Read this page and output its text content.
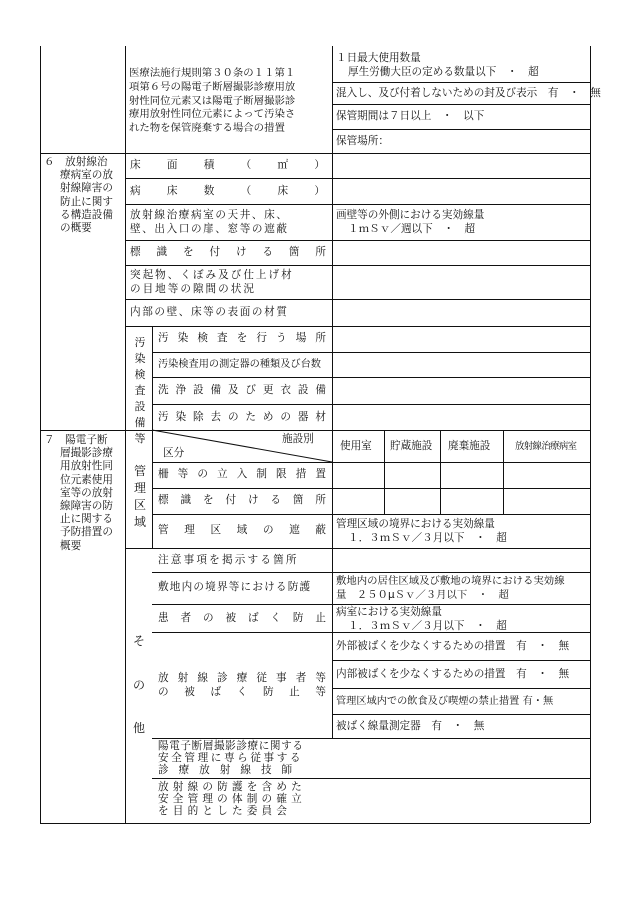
医療法施行規則第３０条の１１第１
項第６号の陽電子断層撮影診療用放
射性同位元素又は陽電子断層撮影診
療用放射性同位元素によって汚染さ
れた物を保管廃棄する場合の措置
１日最大使用数量
厚生労働大臣の定める数量以下　・　超
混入し、及び付着しないための封及び表示　有　・　無
保管期間は７日以上　・　以下
保管場所：
６　放射線治
療病室の放
射線障害の
防止に関す
る構造設備
の概要
床 面 積 （ ㎡ ）
病 床 数 （ 床 ）
放射線治療病室の天井、床、
壁、出入口の扉、窓等の遮蔽
画壁等の外側における実効線量
１ｍＳｖ／週以下　・　超
標 識 を 付 け る 箇 所
突起物、くぼみ及び仕上げ材
の目地等の隙間の状況
内部の壁、床等の表面の材質
汚
染
検
査
設
備
等
汚 染 検 査 を 行 う 場 所
汚染検査用の測定器の種類及び台数
洗 浄 設 備 及 び 更 衣 設 備
汚 染 除 去 の た め の 器 材
７　陽電子断
層撮影診療
用放射性同
位元素使用
室等の放射
線障害の防
止に関する
予防措置の
概要
施設別
区分
使用室 貯蔵施設 廃棄施設	放射線治療病室
管
理
区
域
柵 等 の 立 入 制 限 措 置
標 識 を 付 け る 箇 所
管 理 区 域 の 遮 蔽 管理区域の境界における実効線量
１．３ｍＳｖ／３月以下　・　超
そ
の
他
注意事項を掲示する箇所
敷地内の境界等における防護 敷地内の居住区域及び敷地の境界における実効線
量　２５０μＳｖ／３月以下　・　超
患 者 の 被 ば く 防 止 病室における実効線量
１．３ｍＳｖ／３月以下　・　超
放 射 線 診 療 従 事 者 等
の 被 ば く 防 止 等
外部被ばくを少なくするための措置　有　・　無
内部被ばくを少なくするための措置　有　・　無
管理区域内での飲食及び喫煙の禁止措置 有・無
被ばく線量測定器　有　・　無
陽電子断層撮影診療に関する
安全管理に専ら従事する
診療放射線技師
放射線の防護を含めた
安全管理の体制の確立
を目的とした委員会
